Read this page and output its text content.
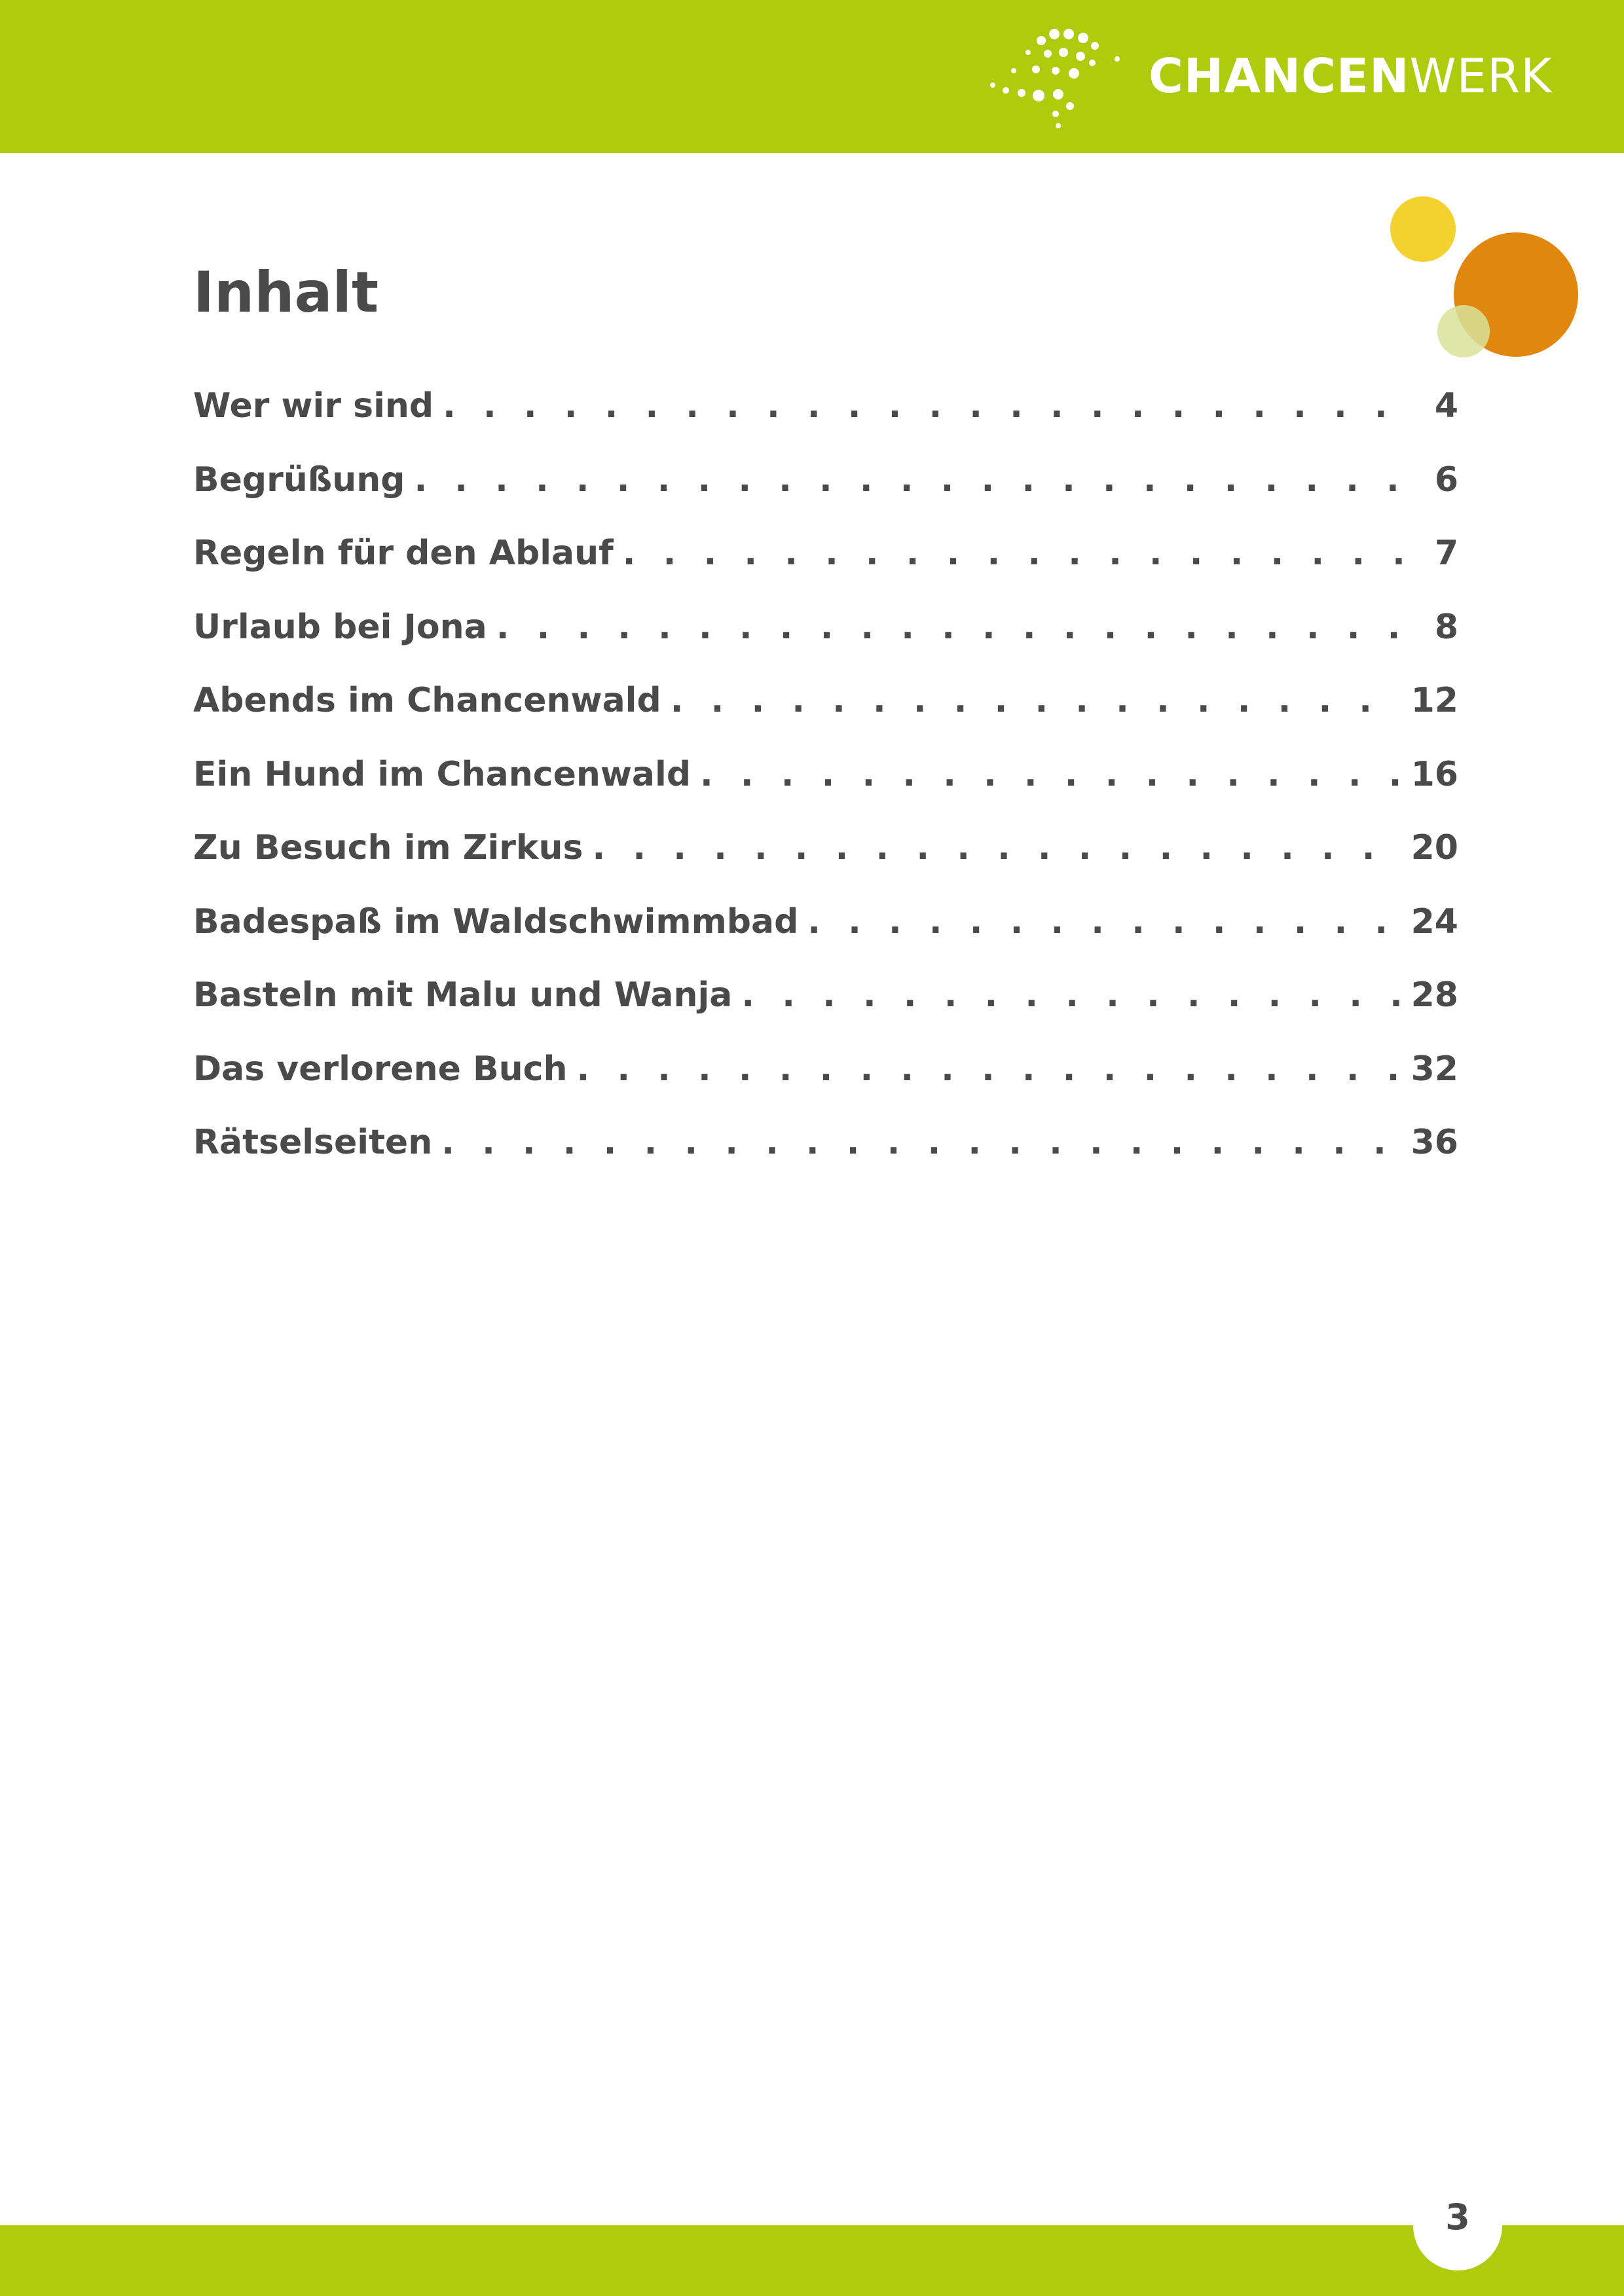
CHANCENWERK
Inhalt
Wer wir sind . . .	4
Begrüßung . . .	6
Regeln für den Ablauf . . .	7
Urlaub bei Jona . . .	8
Abends im Chancenwald . . .	12
Ein Hund im Chancenwald . . .	16
Zu Besuch im Zirkus . . .	20
Badespaß im Waldschwimmbad . . .	24
Basteln mit Malu und Wanja . . .	28
Das verlorene Buch . . .	32
Rätselseiten . . .	36
3
